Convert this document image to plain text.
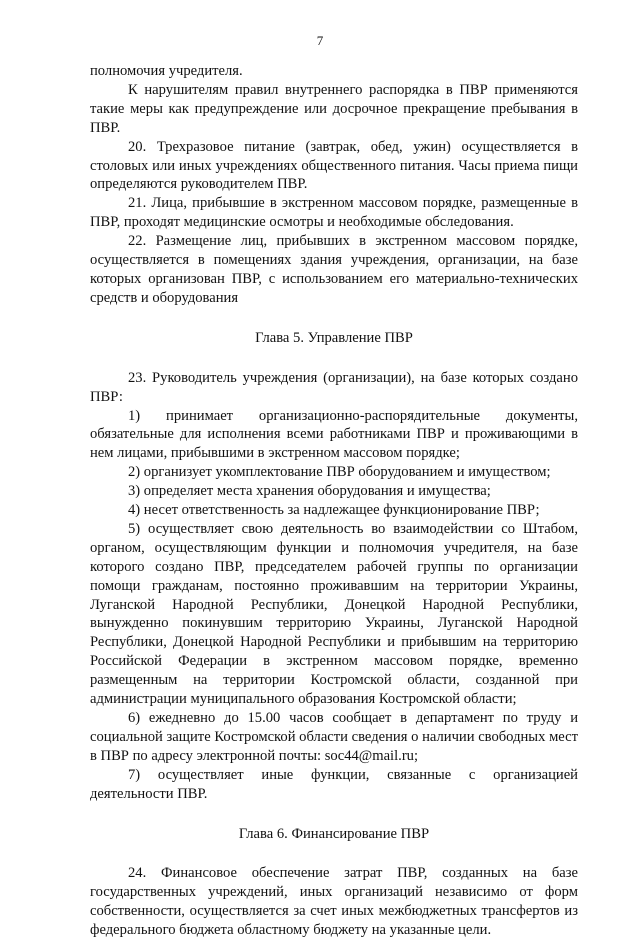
7

полномочия учредителя.

К нарушителям правил внутреннего распорядка в ПВР применяются такие меры как предупреждение или досрочное прекращение пребывания в ПВР.

20. Трехразовое питание (завтрак, обед, ужин) осуществляется в столовых или иных учреждениях общественного питания. Часы приема пищи определяются руководителем ПВР.

21. Лица, прибывшие в экстренном массовом порядке, размещенные в ПВР, проходят медицинские осмотры и необходимые обследования.

22. Размещение лиц, прибывших в экстренном массовом порядке, осуществляется в помещениях здания учреждения, организации, на базе которых организован ПВР, с использованием его материально-технических средств и оборудования

Глава 5. Управление ПВР

23. Руководитель учреждения (организации), на базе которых создано ПВР:

1) принимает организационно-распорядительные документы, обязательные для исполнения всеми работниками ПВР и проживающими в нем лицами, прибывшими в экстренном массовом порядке;

2) организует укомплектование ПВР оборудованием и имуществом;

3) определяет места хранения оборудования и имущества;

4) несет ответственность за надлежащее функционирование ПВР;

5) осуществляет свою деятельность во взаимодействии со Штабом, органом, осуществляющим функции и полномочия учредителя, на базе которого создано ПВР, председателем рабочей группы по организации помощи гражданам, постоянно проживавшим на территории Украины, Луганской Народной Республики, Донецкой Народной Республики, вынужденно покинувшим территорию Украины, Луганской Народной Республики, Донецкой Народной Республики и прибывшим на территорию Российской Федерации в экстренном массовом порядке, временно размещенным на территории Костромской области, созданной при администрации муниципального образования Костромской области;

6) ежедневно до 15.00 часов сообщает в департамент по труду и социальной защите Костромской области сведения о наличии свободных мест в ПВР по адресу электронной почты: soc44@mail.ru;

7) осуществляет иные функции, связанные с организацией деятельности ПВР.

Глава 6. Финансирование ПВР

24. Финансовое обеспечение затрат ПВР, созданных на базе государственных учреждений, иных организаций независимо от форм собственности, осуществляется за счет иных межбюджетных трансфертов из федерального бюджета областному бюджету на указанные цели.
